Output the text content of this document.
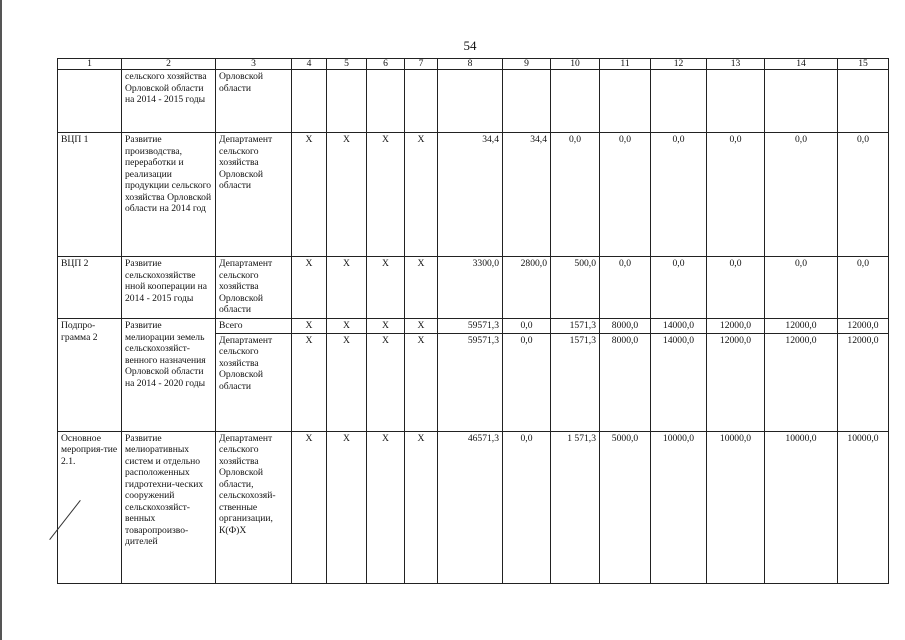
54
1	2	3	4	5	6	7	8	9	10	11	12	13	14	15
	сельского хозяйства Орловской области на 2014 - 2015 годы	Орловской области												
ВЦП 1	Развитие производства, переработки и реализации продукции сельского хозяйства Орловской области на 2014 год	Департамент сельского хозяйства Орловской области	Х	Х	Х	Х	34,4	34,4	0,0	0,0	0,0	0,0	0,0	0,0
ВЦП 2	Развитие сельскохозяйстве нной кооперации на 2014 - 2015 годы	Департамент сельского хозяйства Орловской области	Х	Х	Х	Х	3300,0	2800,0	500,0	0,0	0,0	0,0	0,0	0,0
Подпро-грамма 2	Развитие мелиорации земель сельскохозяйст-венного назначения Орловской области на 2014 - 2020 годы	Всего	Х	Х	Х	Х	59571,3	0,0	1571,3	8000,0	14000,0	12000,0	12000,0	12000,0
		Департамент сельского хозяйства Орловской области	Х	Х	Х	Х	59571,3	0,0	1571,3	8000,0	14000,0	12000,0	12000,0	12000,0
Основное мероприя-тие 2.1.	Развитие мелиоративных систем и отдельно расположенных гидротехни-ческих сооружений сельскохозяйст-венных товаропроизво-дителей	Департамент сельского хозяйства Орловской области, сельскохозяй-ственные организации, К(Ф)Х	Х	Х	Х	Х	46571,3	0,0	1 571,3	5000,0	10000,0	10000,0	10000,0	10000,0
